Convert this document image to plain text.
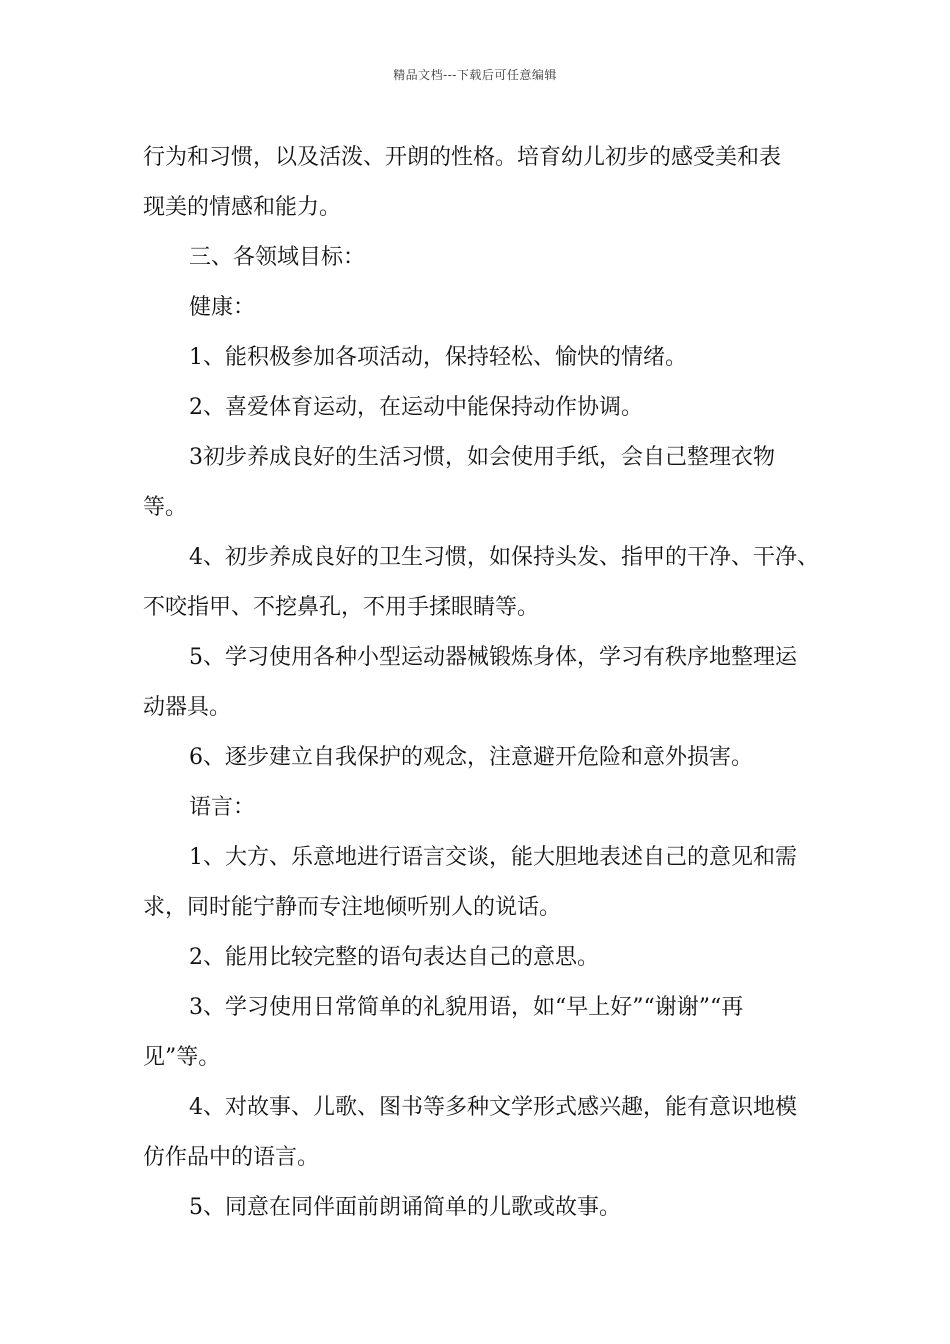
精品文档---下载后可任意编辑
行为和习惯，以及活泼、开朗的性格。培育幼儿初步的感受美和表
现美的情感和能力。
三、各领域目标：
健康：
1、能积极参加各项活动，保持轻松、愉快的情绪。
2、喜爱体育运动，在运动中能保持动作协调。
3初步养成良好的生活习惯，如会使用手纸，会自己整理衣物
等。
4、初步养成良好的卫生习惯，如保持头发、指甲的干净、干净、
不咬指甲、不挖鼻孔，不用手揉眼睛等。
5、学习使用各种小型运动器械锻炼身体，学习有秩序地整理运
动器具。
6、逐步建立自我保护的观念，注意避开危险和意外损害。
语言：
1、大方、乐意地进行语言交谈，能大胆地表述自己的意见和需
求，同时能宁静而专注地倾听别人的说话。
2、能用比较完整的语句表达自己的意思。
3、学习使用日常简单的礼貌用语，如“早上好”“谢谢”“再
见”等。
4、对故事、儿歌、图书等多种文学形式感兴趣，能有意识地模
仿作品中的语言。
5、同意在同伴面前朗诵简单的儿歌或故事。
